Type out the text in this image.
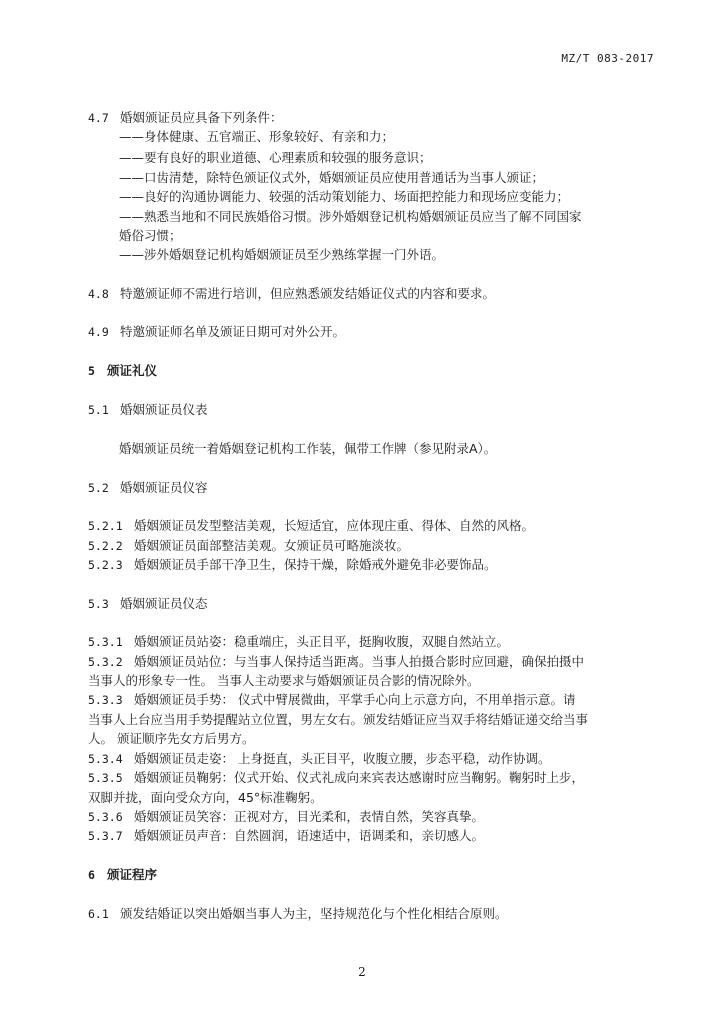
MZ/T 083-2017
4.7 婚姻颁证员应具备下列条件：
——身体健康、五官端正、形象较好、有亲和力；
——要有良好的职业道德、心理素质和较强的服务意识；
——口齿清楚，除特色颁证仪式外，婚姻颁证员应使用普通话为当事人颁证；
——良好的沟通协调能力、较强的活动策划能力、场面把控能力和现场应变能力；
——熟悉当地和不同民族婚俗习惯。涉外婚姻登记机构婚姻颁证员应当了解不同国家
婚俗习惯；
——涉外婚姻登记机构婚姻颁证员至少熟练掌握一门外语。
4.8 特邀颁证师不需进行培训，但应熟悉颁发结婚证仪式的内容和要求。
4.9 特邀颁证师名单及颁证日期可对外公开。
5 颁证礼仪
5.1 婚姻颁证员仪表
婚姻颁证员统一着婚姻登记机构工作装，佩带工作牌（参见附录A）。
5.2 婚姻颁证员仪容
5.2.1 婚姻颁证员发型整洁美观，长短适宜，应体现庄重、得体、自然的风格。
5.2.2 婚姻颁证员面部整洁美观。女颁证员可略施淡妆。
5.2.3 婚姻颁证员手部干净卫生，保持干燥，除婚戒外避免非必要饰品。
5.3 婚姻颁证员仪态
5.3.1 婚姻颁证员站姿：稳重端庄，头正目平，挺胸收腹，双腿自然站立。
5.3.2 婚姻颁证员站位：与当事人保持适当距离。当事人拍摄合影时应回避，确保拍摄中
当事人的形象专一性。 当事人主动要求与婚姻颁证员合影的情况除外。
5.3.3 婚姻颁证员手势： 仪式中臂展微曲，平掌手心向上示意方向，不用单指示意。请
当事人上台应当用手势提醒站立位置，男左女右。颁发结婚证应当双手将结婚证递交给当事
人。 颁证顺序先女方后男方。
5.3.4 婚姻颁证员走姿： 上身挺直，头正目平，收腹立腰，步态平稳，动作协调。
5.3.5 婚姻颁证员鞠躬：仪式开始、仪式礼成向来宾表达感谢时应当鞠躬。鞠躬时上步，
双脚并拢，面向受众方向，45°标准鞠躬。
5.3.6 婚姻颁证员笑容：正视对方，目光柔和，表情自然，笑容真挚。
5.3.7 婚姻颁证员声音：自然圆润，语速适中，语调柔和，亲切感人。
6 颁证程序
6.1 颁发结婚证以突出婚姻当事人为主，坚持规范化与个性化相结合原则。
2
